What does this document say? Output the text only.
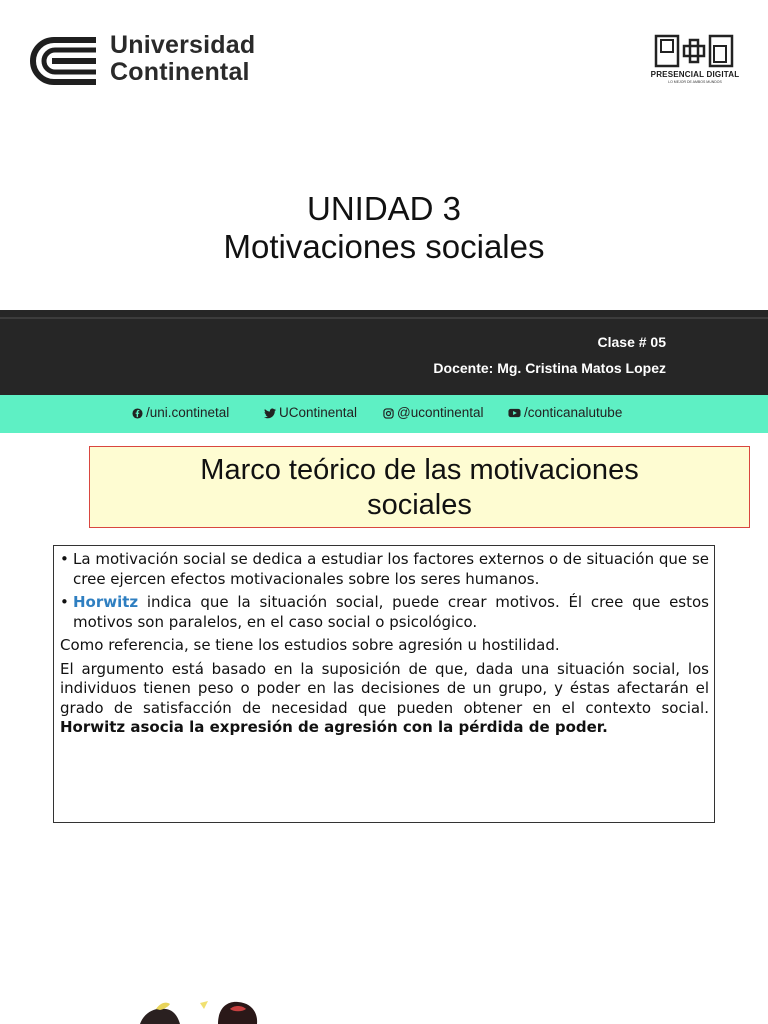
Universidad
Continental	PRESENCIAL DIGITAL
LO MEJOR DE AMBOS MUNDOS
UNIDAD 3
Motivaciones sociales
Clase # 05
Docente: Mg. Cristina Matos Lopez
/uni.continetal	UContinental	@ucontinental	/conticanalutube
Marco teórico de las motivaciones
sociales
• La motivación social se dedica a estudiar los factores externos o de situación que se cree ejercen efectos motivacionales sobre los seres humanos.
• Horwitz indica que la situación social, puede crear motivos. Él cree que estos motivos son paralelos, en el caso social o psicológico.
Como referencia, se tiene los estudios sobre agresión u hostilidad.
El argumento está basado en la suposición de que, dada una situación social, los individuos tienen peso o poder en las decisiones de un grupo, y éstas afectarán el grado de satisfacción de necesidad que pueden obtener en el contexto social. Horwitz asocia la expresión de agresión con la pérdida de poder.
